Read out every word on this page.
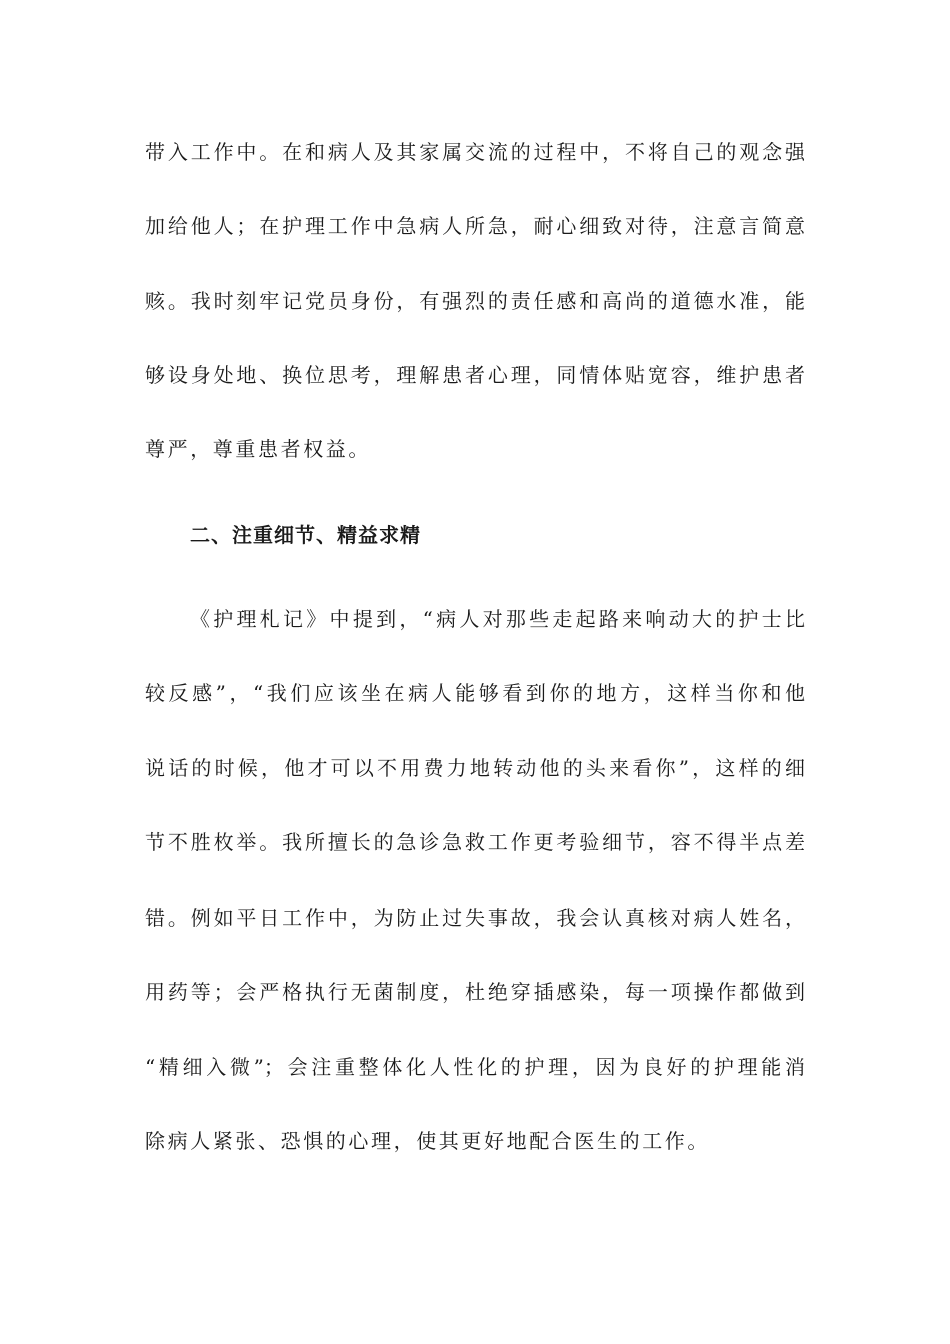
带入工作中。在和病人及其家属交流的过程中，不将自己的观念强
加给他人；在护理工作中急病人所急，耐心细致对待，注意言简意
赅。我时刻牢记党员身份，有强烈的责任感和高尚的道德水准，能
够设身处地、换位思考，理解患者心理，同情体贴宽容，维护患者
尊严，尊重患者权益。
二、注重细节、精益求精
《护理札记》中提到，“病人对那些走起路来响动大的护士比
较反感”，“我们应该坐在病人能够看到你的地方，这样当你和他
说话的时候，他才可以不用费力地转动他的头来看你”，这样的细
节不胜枚举。我所擅长的急诊急救工作更考验细节，容不得半点差
错。例如平日工作中，为防止过失事故，我会认真核对病人姓名，
用药等；会严格执行无菌制度，杜绝穿插感染，每一项操作都做到
“精细入微”；会注重整体化人性化的护理，因为良好的护理能消
除病人紧张、恐惧的心理，使其更好地配合医生的工作。
